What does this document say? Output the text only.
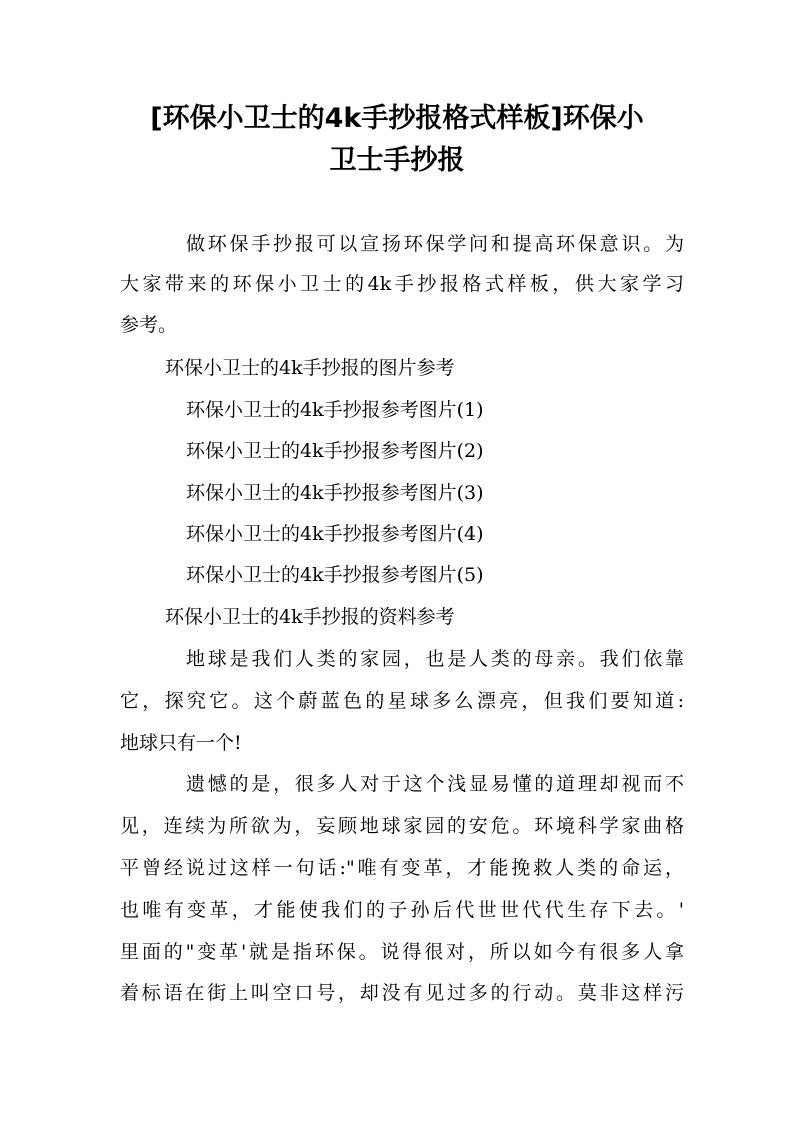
[环保小卫士的4k手抄报格式样板]环保小
卫士手抄报

做环保手抄报可以宣扬环保学问和提高环保意识。为

大家带来的环保小卫士的4k手抄报格式样板，供大家学习

参考。

环保小卫士的4k手抄报的图片参考

环保小卫士的4k手抄报参考图片(1)

环保小卫士的4k手抄报参考图片(2)

环保小卫士的4k手抄报参考图片(3)

环保小卫士的4k手抄报参考图片(4)

环保小卫士的4k手抄报参考图片(5)

环保小卫士的4k手抄报的资料参考

地球是我们人类的家园，也是人类的母亲。我们依靠

它，探究它。这个蔚蓝色的星球多么漂亮，但我们要知道:

地球只有一个!

遗憾的是，很多人对于这个浅显易懂的道理却视而不

见，连续为所欲为，妄顾地球家园的安危。环境科学家曲格

平曾经说过这样一句话:"唯有变革，才能挽救人类的命运，

也唯有变革，才能使我们的子孙后代世世代代生存下去。'

里面的"变革'就是指环保。说得很对，所以如今有很多人拿

着标语在街上叫空口号，却没有见过多的行动。莫非这样污
